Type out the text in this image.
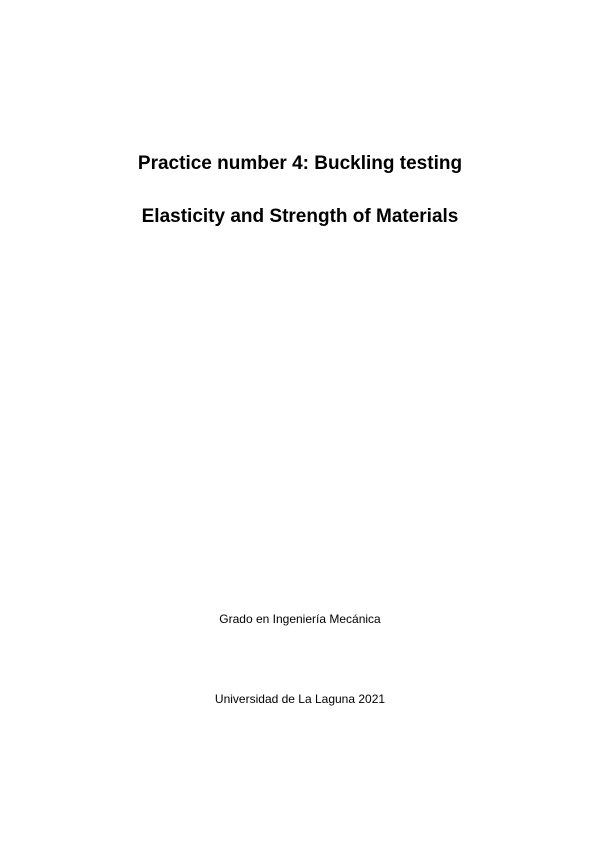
Practice number 4: Buckling testing
Elasticity and Strength of Materials
Grado en Ingeniería Mecánica
Universidad de La Laguna 2021
